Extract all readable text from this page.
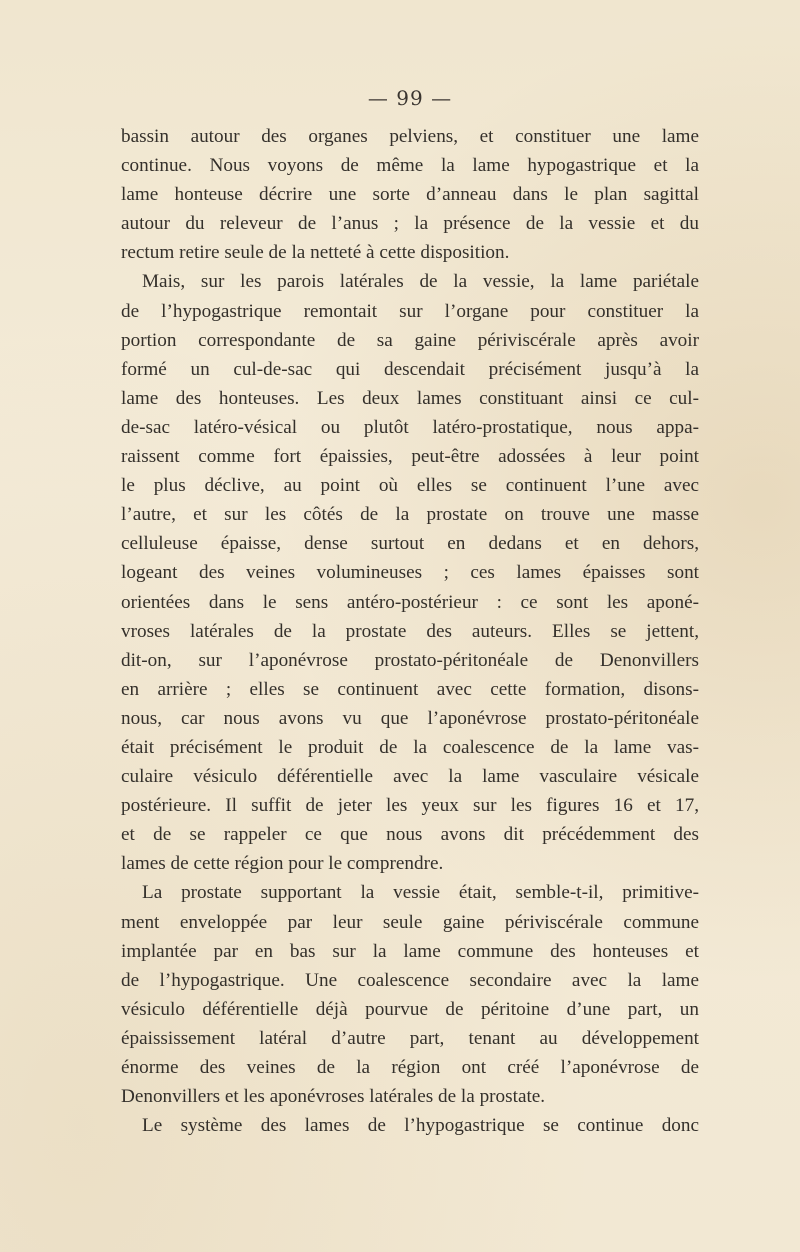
— 99 —
bassin autour des organes pelviens, et constituer une lame
continue. Nous voyons de même la lame hypogastrique et la
lame honteuse décrire une sorte d’anneau dans le plan sagittal
autour du releveur de l’anus ; la présence de la vessie et du
rectum retire seule de la netteté à cette disposition.
Mais, sur les parois latérales de la vessie, la lame pariétale
de l’hypogastrique remontait sur l’organe pour constituer la
portion correspondante de sa gaine périviscérale après avoir
formé un cul-de-sac qui descendait précisément jusqu’à la
lame des honteuses. Les deux lames constituant ainsi ce cul-
de-sac latéro-vésical ou plutôt latéro-prostatique, nous appa-
raissent comme fort épaissies, peut-être adossées à leur point
le plus déclive, au point où elles se continuent l’une avec
l’autre, et sur les côtés de la prostate on trouve une masse
celluleuse épaisse, dense surtout en dedans et en dehors,
logeant des veines volumineuses ; ces lames épaisses sont
orientées dans le sens antéro-postérieur : ce sont les aponé-
vroses latérales de la prostate des auteurs. Elles se jettent,
dit-on, sur l’aponévrose prostato-péritonéale de Denonvillers
en arrière ; elles se continuent avec cette formation, disons-
nous, car nous avons vu que l’aponévrose prostato-péritonéale
était précisément le produit de la coalescence de la lame vas-
culaire vésiculo déférentielle avec la lame vasculaire vésicale
postérieure. Il suffit de jeter les yeux sur les figures 16 et 17,
et de se rappeler ce que nous avons dit précédemment des
lames de cette région pour le comprendre.
La prostate supportant la vessie était, semble-t-il, primitive-
ment enveloppée par leur seule gaine périviscérale commune
implantée par en bas sur la lame commune des honteuses et
de l’hypogastrique. Une coalescence secondaire avec la lame
vésiculo déférentielle déjà pourvue de péritoine d’une part, un
épaississement latéral d’autre part, tenant au développement
énorme des veines de la région ont créé l’aponévrose de
Denonvillers et les aponévroses latérales de la prostate.
Le système des lames de l’hypogastrique se continue donc
